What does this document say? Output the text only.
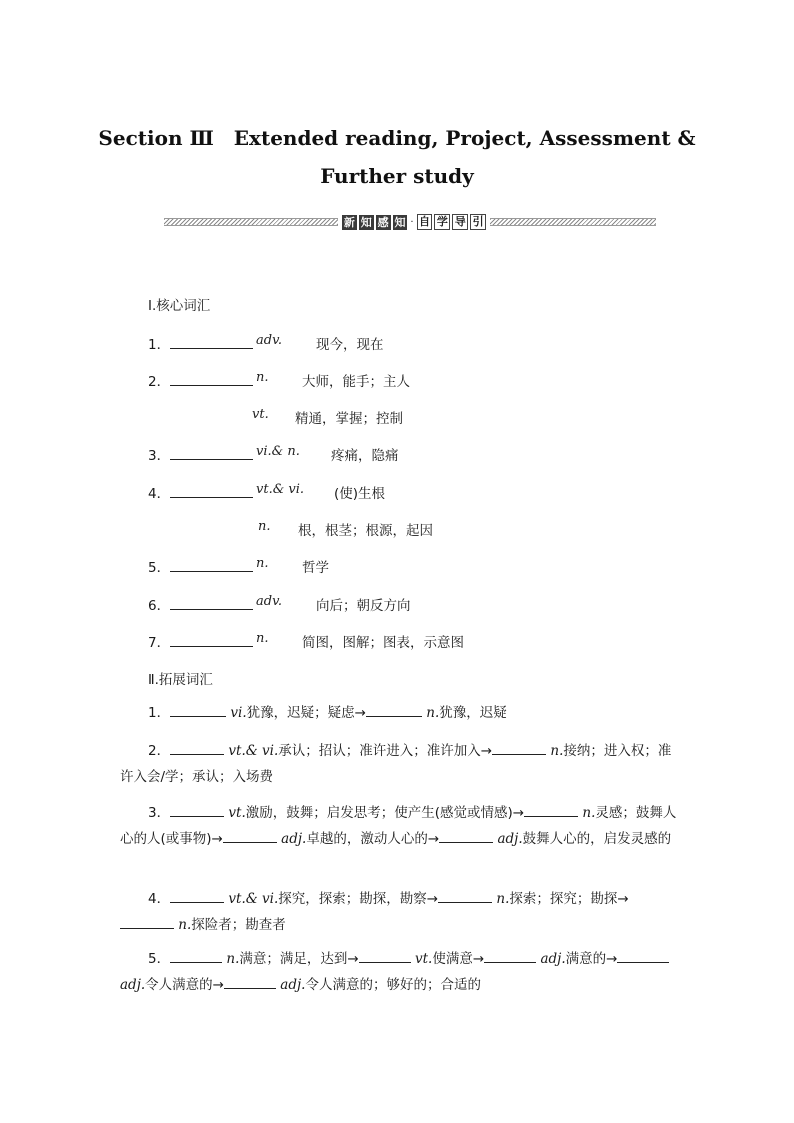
Section Ⅲ　Extended reading, Project, Assessment &
Further study
新 知 感 知 · 自 学 导 引
Ⅰ.核心词汇
1．	adv.	现今，现在
2．	n. 大师，能手；主人
vt. 精通，掌握；控制
3．	vi.& n. 疼痛，隐痛
4．	vt.& vi. (使)生根
n. 根，根茎；根源，起因
5．	n. 哲学
6．	adv.	向后；朝反方向
7．	n. 简图，图解；图表，示意图
Ⅱ.拓展词汇
1．	vi.犹豫，迟疑；疑虑→	n.犹豫，迟疑
2．	vt.& vi.承认；招认；准许进入；准许加入→	n.接纳；进入权；准许入会/学；承认；入场费
3．	vt.激励，鼓舞；启发思考；使产生(感觉或情感)→	n.灵感；鼓舞人心的人(或事物)→	adj.卓越的，激动人心的→	adj.鼓舞人心的，启发灵感的
4．	vt.& vi.探究，探索；勘探，勘察→	n.探索；探究；勘探→ n.探险者；勘查者
5．	n.满意；满足，达到→	vt.使满意→	adj.满意的→ adj.令人满意的→	adj.令人满意的；够好的；合适的
